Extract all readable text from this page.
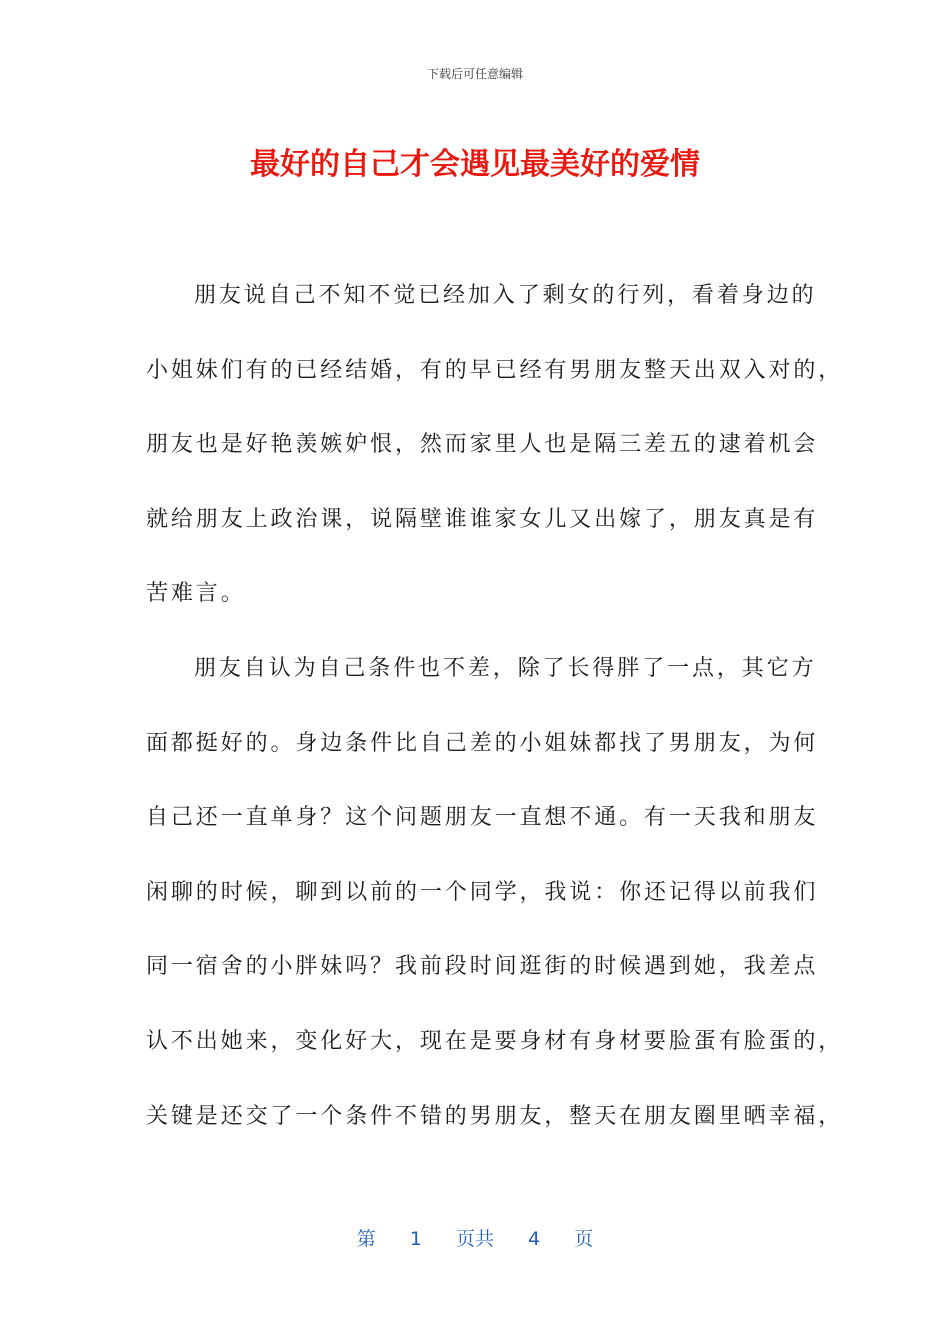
下载后可任意编辑
最好的自己才会遇见最美好的爱情
朋友说自己不知不觉已经加入了剩女的行列，看着身边的
小姐妹们有的已经结婚，有的早已经有男朋友整天出双入对的，
朋友也是好艳羡嫉妒恨，然而家里人也是隔三差五的逮着机会
就给朋友上政治课，说隔壁谁谁家女儿又出嫁了，朋友真是有
苦难言。
朋友自认为自己条件也不差，除了长得胖了一点，其它方
面都挺好的。身边条件比自己差的小姐妹都找了男朋友，为何
自己还一直单身？这个问题朋友一直想不通。有一天我和朋友
闲聊的时候，聊到以前的一个同学，我说：你还记得以前我们
同一宿舍的小胖妹吗？我前段时间逛街的时候遇到她，我差点
认不出她来，变化好大，现在是要身材有身材要脸蛋有脸蛋的，
关键是还交了一个条件不错的男朋友，整天在朋友圈里晒幸福，
第 1 页共 4 页
